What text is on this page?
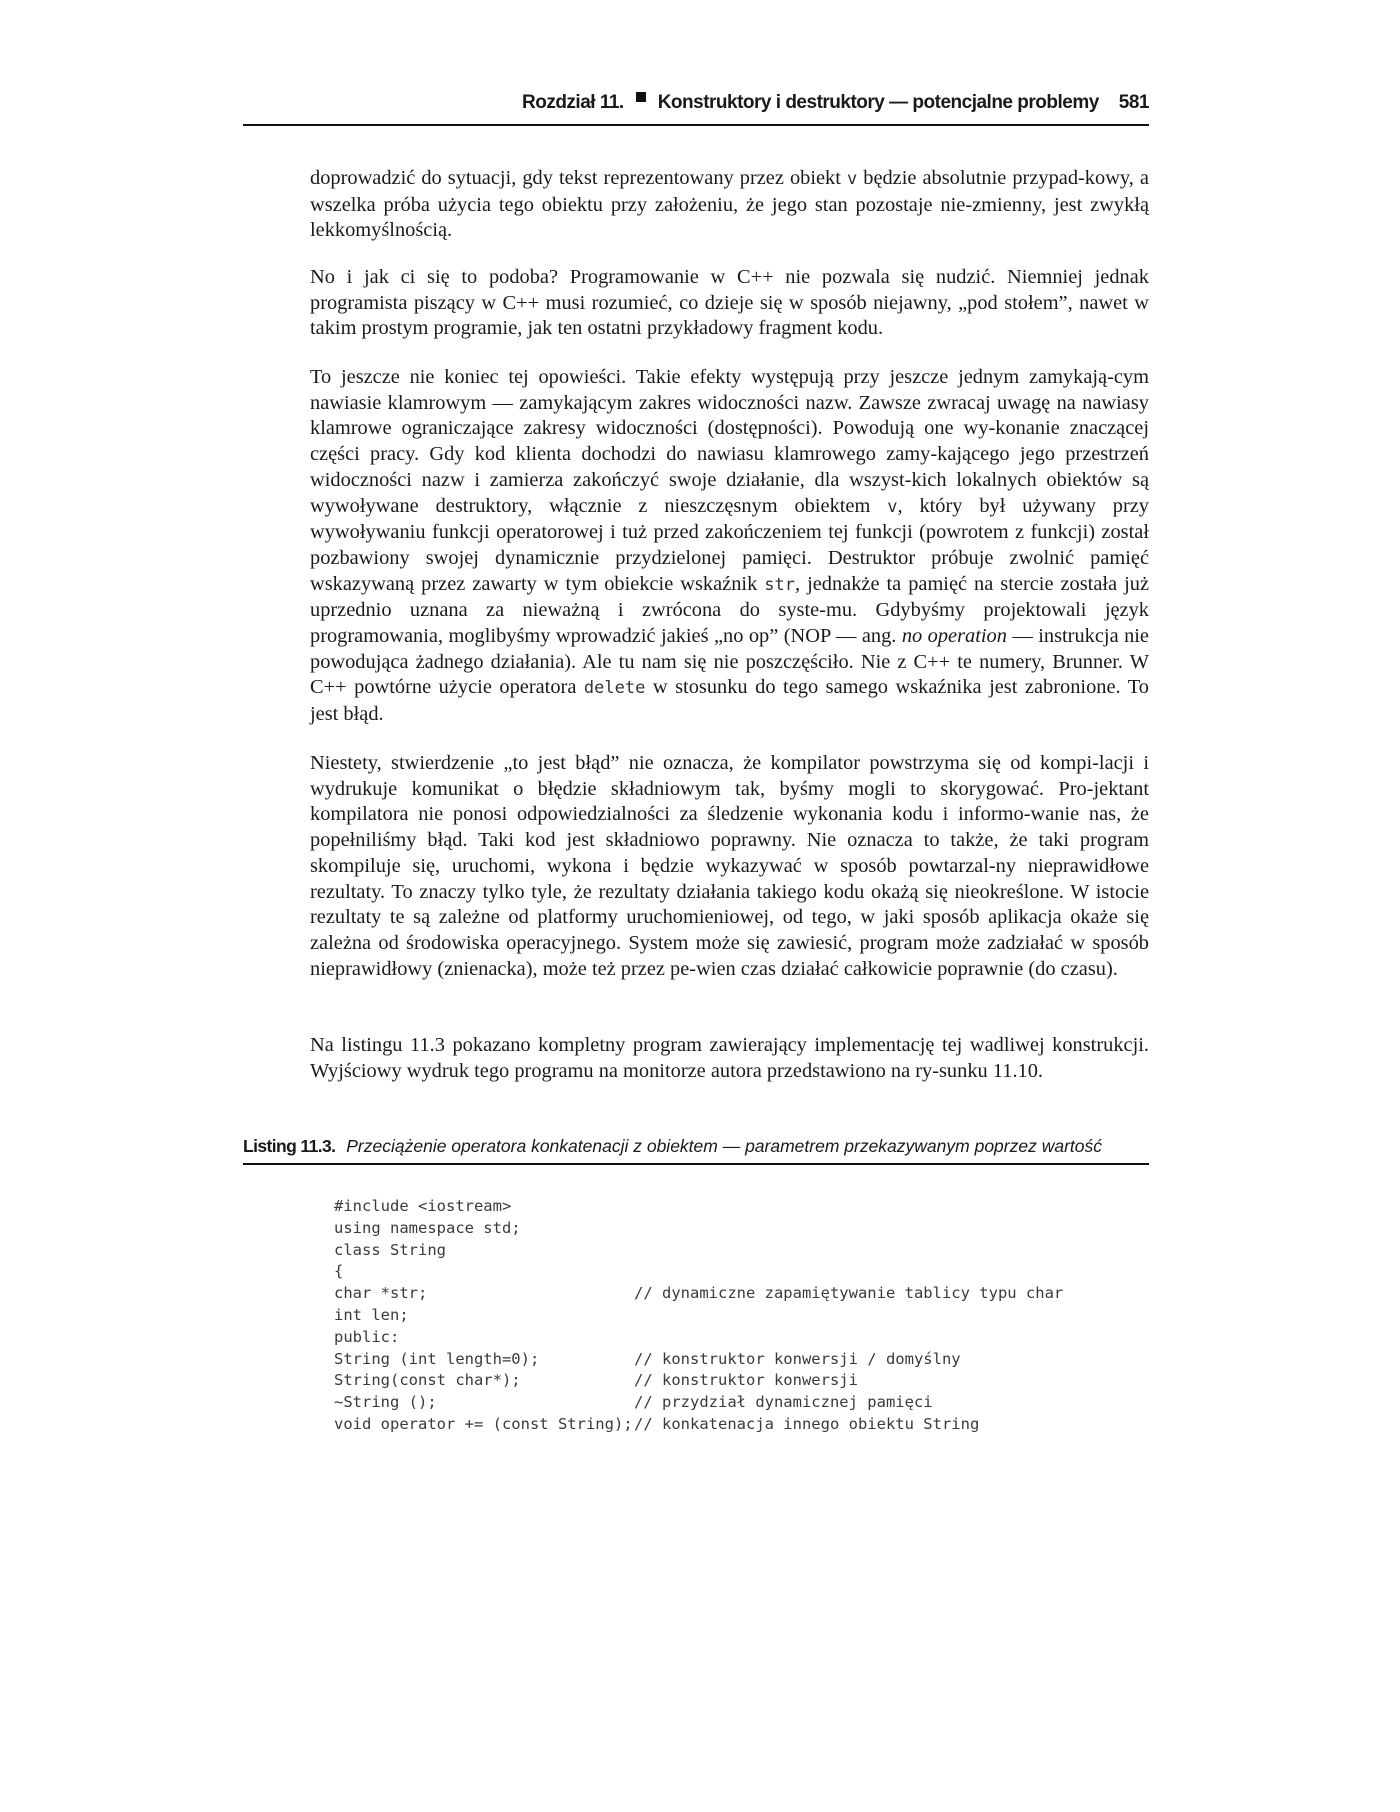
Rozdział 11. Konstruktory i destruktory — potencjalne problemy 581
doprowadzić do sytuacji, gdy tekst reprezentowany przez obiekt v będzie absolutnie przypad-kowy, a wszelka próba użycia tego obiektu przy założeniu, że jego stan pozostaje nie-zmienny, jest zwykłą lekkomyślnością.
No i jak ci się to podoba? Programowanie w C++ nie pozwala się nudzić. Niemniej jednak programista piszący w C++ musi rozumieć, co dzieje się w sposób niejawny, „pod stołem”, nawet w takim prostym programie, jak ten ostatni przykładowy fragment kodu.
To jeszcze nie koniec tej opowieści. Takie efekty występują przy jeszcze jednym zamykają-cym nawiasie klamrowym — zamykającym zakres widoczności nazw. Zawsze zwracaj uwagę na nawiasy klamrowe ograniczające zakresy widoczności (dostępności). Powodują one wy-konanie znaczącej części pracy. Gdy kod klienta dochodzi do nawiasu klamrowego zamy-kającego jego przestrzeń widoczności nazw i zamierza zakończyć swoje działanie, dla wszyst-kich lokalnych obiektów są wywoływane destruktory, włącznie z nieszczęsnym obiektem v, który był używany przy wywoływaniu funkcji operatorowej i tuż przed zakończeniem tej funkcji (powrotem z funkcji) został pozbawiony swojej dynamicznie przydzielonej pamięci. Destruktor próbuje zwolnić pamięć wskazywaną przez zawarty w tym obiekcie wskaźnik str, jednakże ta pamięć na stercie została już uprzednio uznana za nieważną i zwrócona do syste-mu. Gdybyśmy projektowali język programowania, moglibyśmy wprowadzić jakieś „no op” (NOP — ang. no operation — instrukcja nie powodująca żadnego działania). Ale tu nam się nie poszczęściło. Nie z C++ te numery, Brunner. W C++ powtórne użycie operatora delete w stosunku do tego samego wskaźnika jest zabronione. To jest błąd.
Niestety, stwierdzenie „to jest błąd” nie oznacza, że kompilator powstrzyma się od kompi-lacji i wydrukuje komunikat o błędzie składniowym tak, byśmy mogli to skorygować. Pro-jektant kompilatora nie ponosi odpowiedzialności za śledzenie wykonania kodu i informo-wanie nas, że popełniliśmy błąd. Taki kod jest składniowo poprawny. Nie oznacza to także, że taki program skompiluje się, uruchomi, wykona i będzie wykazywać w sposób powtarzal-ny nieprawidłowe rezultaty. To znaczy tylko tyle, że rezultaty działania takiego kodu okażą się nieokreślone. W istocie rezultaty te są zależne od platformy uruchomieniowej, od tego, w jaki sposób aplikacja okaże się zależna od środowiska operacyjnego. System może się zawiesić, program może zadziałać w sposób nieprawidłowy (znienacka), może też przez pe-wien czas działać całkowicie poprawnie (do czasu).
Na listingu 11.3 pokazano kompletny program zawierający implementację tej wadliwej konstrukcji. Wyjściowy wydruk tego programu na monitorze autora przedstawiono na ry-sunku 11.10.
Listing 11.3. Przeciążenie operatora konkatenacji z obiektem — parametrem przekazywanym poprzez wartość
#include <iostream>
using namespace std;
class String
{
char *str;	// dynamiczne zapamiętywanie tablicy typu char
int len;
public:
String (int length=0);	// konstruktor konwersji / domyślny
String(const char*);	// konstruktor konwersji
~String ();	// przydział dynamicznej pamięci
void operator += (const String); // konkatenacja innego obiektu String
